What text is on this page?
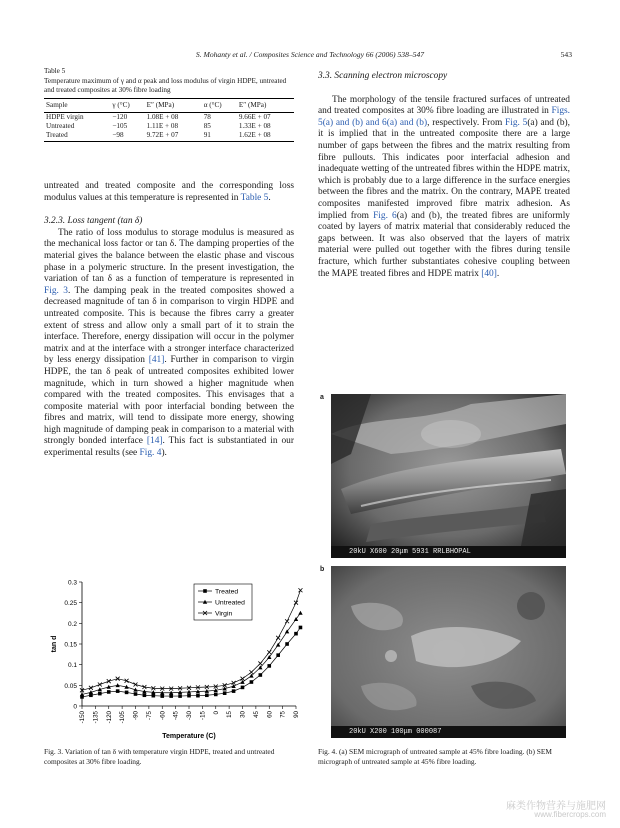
S. Mohanty et al. / Composites Science and Technology 66 (2006) 538–547	543
Table 5
Temperature maximum of γ and α peak and loss modulus of virgin HDPE, untreated and treated composites at 30% fibre loading
Sample	γ (°C)	E″ (MPa)	α (°C)	E″ (MPa)
HDPE virgin	−120	1.08E + 08	78	9.66E + 07
Untreated	−105	1.11E + 08	85	1.33E + 08
Treated	−98	9.72E + 07	91	1.62E + 08

untreated and treated composite and the corresponding loss modulus values at this temperature is represented in Table 5.

3.2.3. Loss tangent (tan δ)

The ratio of loss modulus to storage modulus is measured as the mechanical loss factor or tan δ. The damping properties of the material gives the balance between the elastic phase and viscous phase in a polymeric structure. In the present investigation, the variation of tan δ as a function of temperature is represented in Fig. 3. The damping peak in the treated composites showed a decreased magnitude of tan δ in comparison to virgin HDPE and untreated composite. This is because the fibres carry a greater extent of stress and allow only a small part of it to strain the interface. Therefore, energy dissipation will occur in the polymer matrix and at the interface with a stronger interface characterized by less energy dissipation [41]. Further in comparison to virgin HDPE, the tan δ peak of untreated composites exhibited lower magnitude, which in turn showed a higher magnitude when compared with the treated composites. This envisages that a composite material with poor interfacial bonding between the fibres and matrix, will tend to dissipate more energy, showing high magnitude of damping peak in comparison to a material with strongly bonded interface [14]. This fact is substantiated in our experimental results (see Fig. 4).

3.3. Scanning electron microscopy

The morphology of the tensile fractured surfaces of untreated and treated composites at 30% fibre loading are illustrated in Figs. 5(a) and (b) and 6(a) and (b), respectively. From Fig. 5(a) and (b), it is implied that in the untreated composite there are a large number of gaps between the fibres and the matrix resulting from fibre pullouts. This indicates poor interfacial adhesion and inadequate wetting of the untreated fibres within the HDPE matrix, which is probably due to a large difference in the surface energies between the fibres and the matrix. On the contrary, MAPE treated composites manifested improved fibre matrix adhesion. As implied from Fig. 6(a) and (b), the treated fibres are uniformly coated by layers of matrix material that considerably reduced the gaps between. It was also observed that the layers of matrix material were pulled out together with the fibres during tensile fracture, which further substantiates cohesive coupling between the MAPE treated fibres and HDPE matrix [40].

0
0.05
0.1
0.15
0.2
0.25
0.3
-150 -135 -120 -105 -90 -75 -60 -45 -30 -15 0 15 30 45 60 75 90
tan d
Temperature (C)
Treated
Untreated
Virgin
Fig. 3. Variation of tan δ with temperature virgin HDPE, treated and untreated composites at 30% fibre loading.
a
20kU X600 20μm 5931 RRLBHOPAL
b
20kU X200 100μm 000087
Fig. 4. (a) SEM micrograph of untreated sample at 45% fibre loading. (b) SEM micrograph of untreated sample at 45% fibre loading.
麻类作物营养与施肥网
www.fibercrops.com
